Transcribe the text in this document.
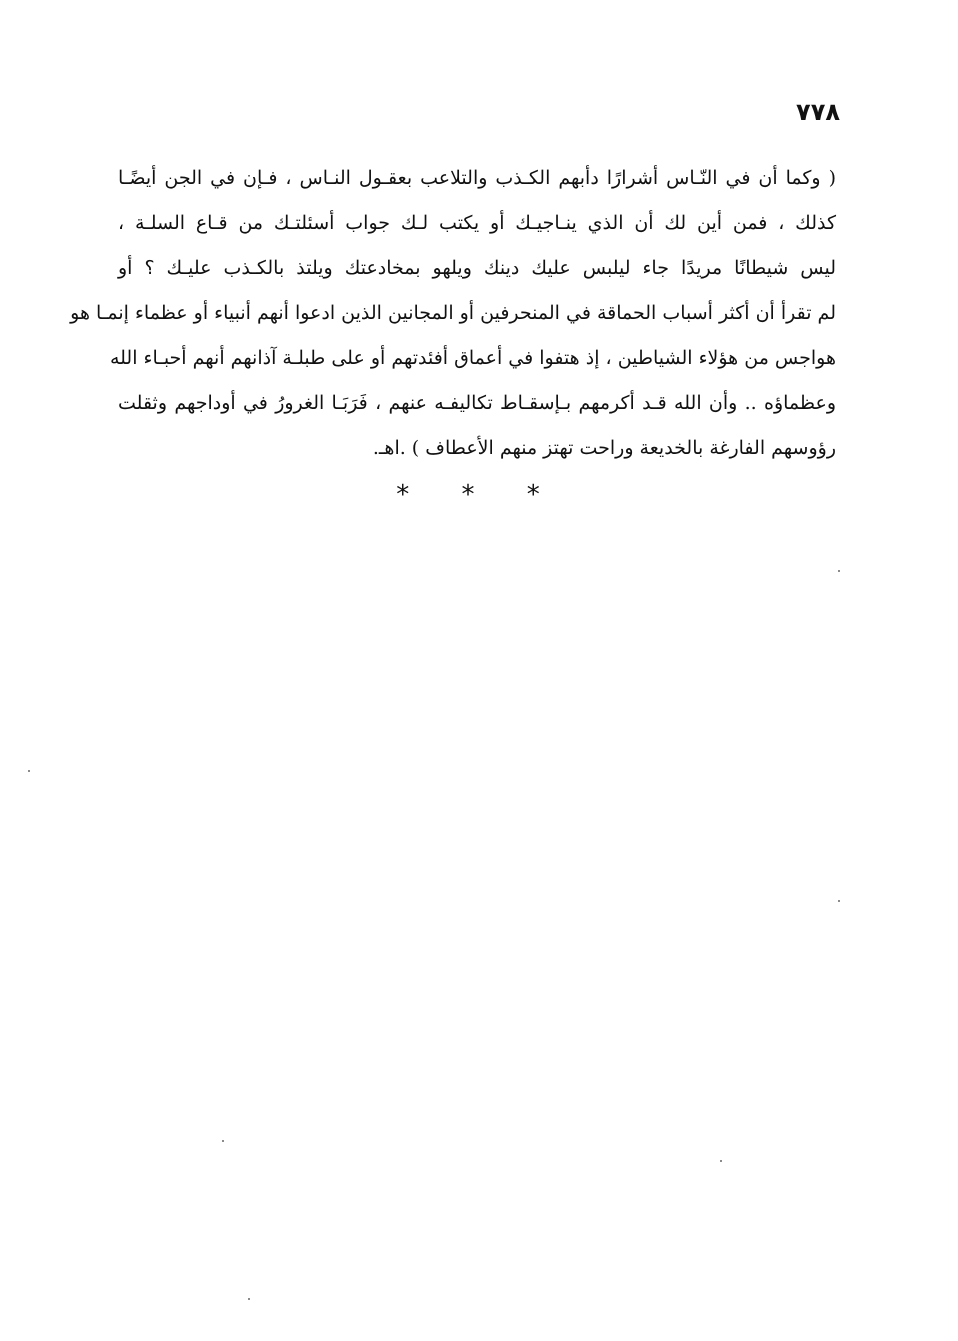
٧٧٨
( وكما أن في النّـاس أشرارًا دأبهم الكـذب والتلاعب بعقـول النـاس ، فـإن في الجن أيضًـا
كذلك ، فمن أين لك أن الذي ينـاجيـك أو يكتب لـك جواب أسئلتـك من قـاع السلـة ،
ليس شيطانًا مريدًا جاء ليلبس عليك دينك ويلهو بمخادعتك ويلتذ بالكـذب عليـك ؟ أو
لم تقرأ أن أكثر أسباب الحماقة في المنحرفين أو المجانين الذين ادعوا أنهم أنبياء أو عظماء إنمـا هو
هواجس من هؤلاء الشياطين ، إذ هتفوا في أعماق أفئدتهم أو على طبلـة آذانهم أنهم أحبـاء الله
وعظماؤه .. وأن الله قـد أكرمهم بـإسقـاط تكاليفـه عنهم ، فَرَبَـا الغرورُ في أوداجهم وثقلت
رؤوسهم الفارغة بالخديعة وراحت تهتز منهم الأعطاف ) .اهـ.
* * *
